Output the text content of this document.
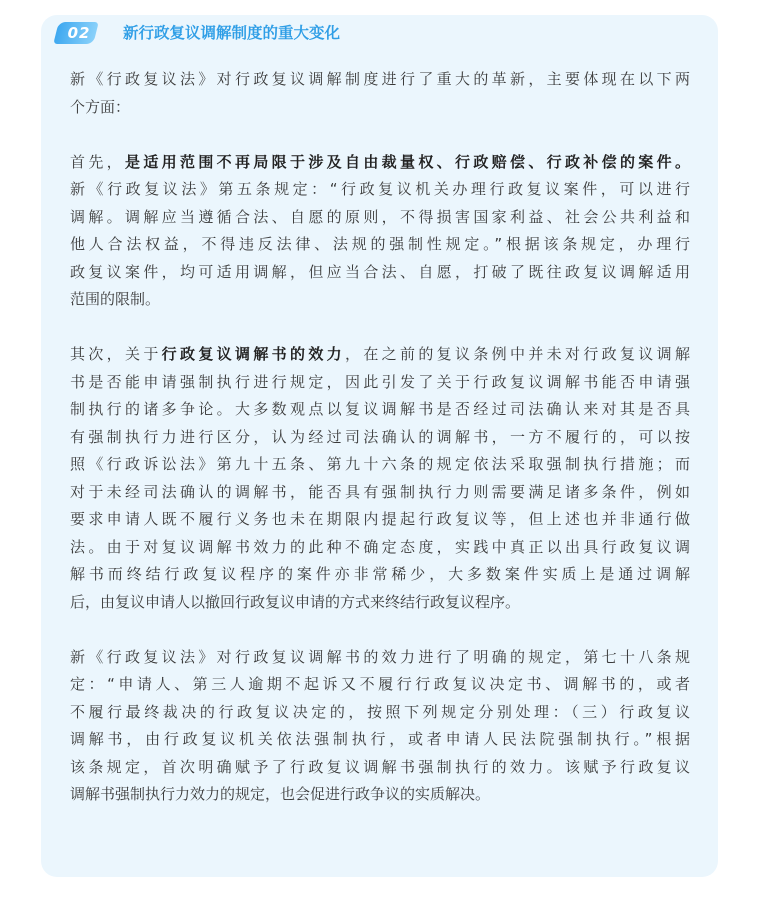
02	新行政复议调解制度的重大变化
新《行政复议法》对行政复议调解制度进行了重大的革新，主要体现在以下两
个方面：
首先，是适用范围不再局限于涉及自由裁量权、行政赔偿、行政补偿的案件。
新《行政复议法》第五条规定：“行政复议机关办理行政复议案件，可以进行
调解。调解应当遵循合法、自愿的原则，不得损害国家利益、社会公共利益和
他人合法权益，不得违反法律、法规的强制性规定。”根据该条规定，办理行
政复议案件，均可适用调解，但应当合法、自愿，打破了既往政复议调解适用
范围的限制。
其次，关于行政复议调解书的效力，在之前的复议条例中并未对行政复议调解
书是否能申请强制执行进行规定，因此引发了关于行政复议调解书能否申请强
制执行的诸多争论。大多数观点以复议调解书是否经过司法确认来对其是否具
有强制执行力进行区分，认为经过司法确认的调解书，一方不履行的，可以按
照《行政诉讼法》第九十五条、第九十六条的规定依法采取强制执行措施；而
对于未经司法确认的调解书，能否具有强制执行力则需要满足诸多条件，例如
要求申请人既不履行义务也未在期限内提起行政复议等，但上述也并非通行做
法。由于对复议调解书效力的此种不确定态度，实践中真正以出具行政复议调
解书而终结行政复议程序的案件亦非常稀少，大多数案件实质上是通过调解
后，由复议申请人以撤回行政复议申请的方式来终结行政复议程序。
新《行政复议法》对行政复议调解书的效力进行了明确的规定，第七十八条规
定：“申请人、第三人逾期不起诉又不履行行政复议决定书、调解书的，或者
不履行最终裁决的行政复议决定的，按照下列规定分别处理：（三）行政复议
调解书，由行政复议机关依法强制执行，或者申请人民法院强制执行。”根据
该条规定，首次明确赋予了行政复议调解书强制执行的效力。该赋予行政复议
调解书强制执行力效力的规定，也会促进行政争议的实质解决。
